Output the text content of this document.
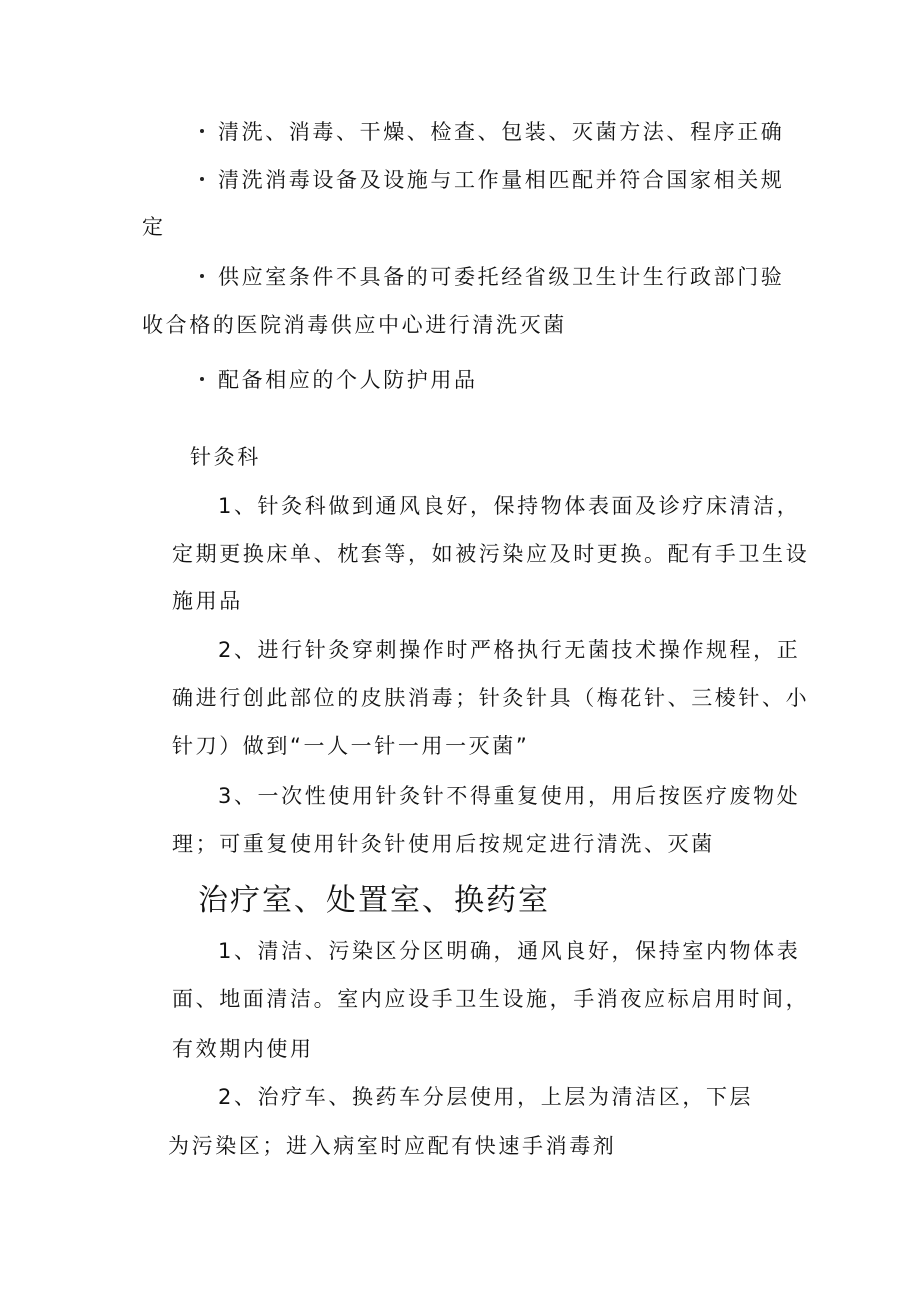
清洗、消毒、干燥、检查、包装、灭菌方法、程序正确
清洗消毒设备及设施与工作量相匹配并符合国家相关规
定
供应室条件不具备的可委托经省级卫生计生行政部门验
收合格的医院消毒供应中心进行清洗灭菌
配备相应的个人防护用品
针灸科
1、针灸科做到通风良好，保持物体表面及诊疗床清洁，
定期更换床单、枕套等，如被污染应及时更换。配有手卫生设
施用品
2、进行针灸穿刺操作时严格执行无菌技术操作规程，正
确进行创此部位的皮肤消毒；针灸针具（梅花针、三棱针、小
针刀）做到“一人一针一用一灭菌”
3、一次性使用针灸针不得重复使用，用后按医疗废物处
理；可重复使用针灸针使用后按规定进行清洗、灭菌
治疗室、处置室、换药室
1、清洁、污染区分区明确，通风良好，保持室内物体表
面、地面清洁。室内应设手卫生设施，手消夜应标启用时间，
有效期内使用
2、治疗车、换药车分层使用，上层为清洁区，下层
为污染区；进入病室时应配有快速手消毒剂
